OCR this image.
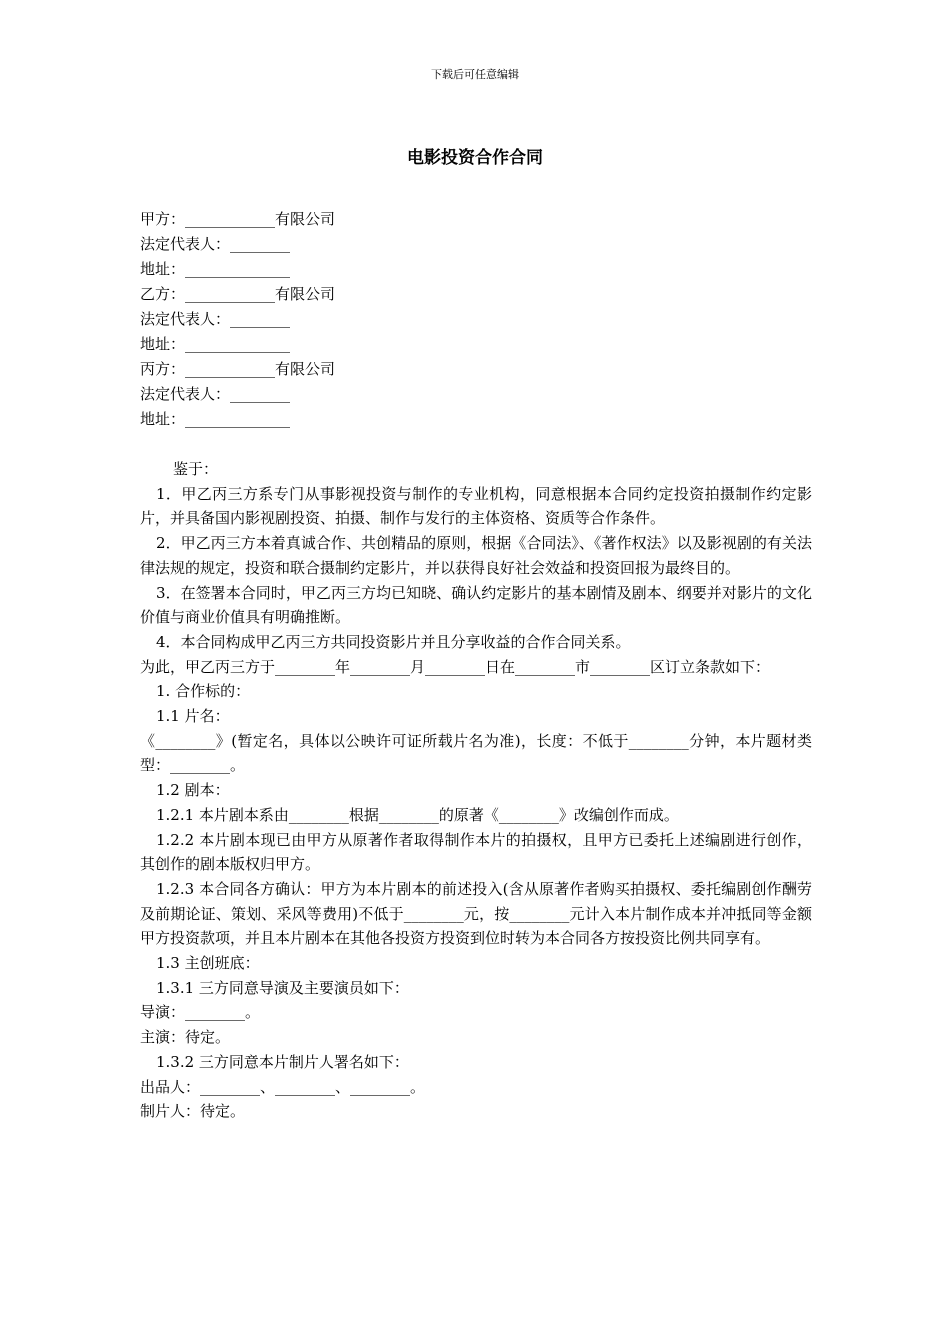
下载后可任意编辑
电影投资合作合同
甲方：____________有限公司
法定代表人：________
地址：______________
乙方：____________有限公司
法定代表人：________
地址：______________
丙方：____________有限公司
法定代表人：________
地址：______________

鉴于：

1．甲乙丙三方系专门从事影视投资与制作的专业机构，同意根据本合同约定投资拍摄制作约定影片，并具备国内影视剧投资、拍摄、制作与发行的主体资格、资质等合作条件。

2．甲乙丙三方本着真诚合作、共创精品的原则，根据《合同法》、《著作权法》以及影视剧的有关法律法规的规定，投资和联合摄制约定影片，并以获得良好社会效益和投资回报为最终目的。

3．在签署本合同时，甲乙丙三方均已知晓、确认约定影片的基本剧情及剧本、纲要并对影片的文化价值与商业价值具有明确推断。

4．本合同构成甲乙丙三方共同投资影片并且分享收益的合作合同关系。

为此，甲乙丙三方于________年________月________日在________市________区订立条款如下：

1. 合作标的：

1.1 片名：

《________》(暂定名，具体以公映许可证所载片名为准)，长度：不低于________分钟，本片题材类型：________。

1.2 剧本：

1.2.1 本片剧本系由________根据________的原著《________》改编创作而成。

1.2.2 本片剧本现已由甲方从原著作者取得制作本片的拍摄权，且甲方已委托上述编剧进行创作，其创作的剧本版权归甲方。

1.2.3 本合同各方确认：甲方为本片剧本的前述投入(含从原著作者购买拍摄权、委托编剧创作酬劳及前期论证、策划、采风等费用)不低于________元，按________元计入本片制作成本并冲抵同等金额甲方投资款项，并且本片剧本在其他各投资方投资到位时转为本合同各方按投资比例共同享有。

1.3 主创班底：

1.3.1 三方同意导演及主要演员如下：

导演：________。

主演：待定。

1.3.2 三方同意本片制片人署名如下：

出品人：________、________、________。

制片人：待定。
